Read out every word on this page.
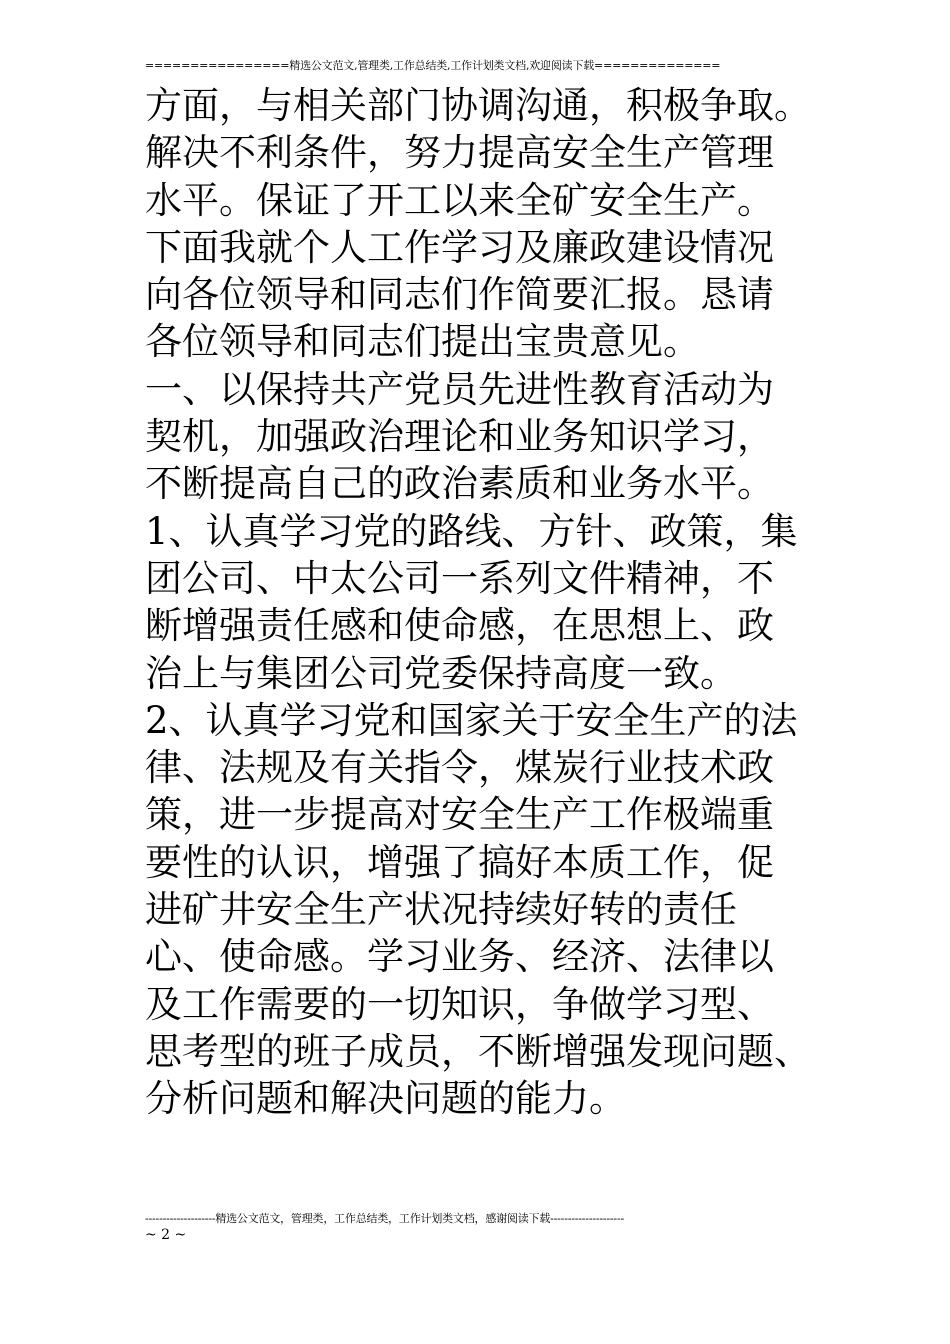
================精选公文范文,管理类,工作总结类,工作计划类文档,欢迎阅读下载==============
方面，与相关部门协调沟通，积极争取。
解决不利条件，努力提高安全生产管理
水平。保证了开工以来全矿安全生产。
下面我就个人工作学习及廉政建设情况
向各位领导和同志们作简要汇报。恳请
各位领导和同志们提出宝贵意见。
一、以保持共产党员先进性教育活动为
契机，加强政治理论和业务知识学习，
不断提高自己的政治素质和业务水平。
1、认真学习党的路线、方针、政策，集
团公司、中太公司一系列文件精神，不
断增强责任感和使命感，在思想上、政
治上与集团公司党委保持高度一致。
2、认真学习党和国家关于安全生产的法
律、法规及有关指令，煤炭行业技术政
策，进一步提高对安全生产工作极端重
要性的认识，增强了搞好本质工作，促
进矿井安全生产状况持续好转的责任
心、使命感。学习业务、经济、法律以
及工作需要的一切知识，争做学习型、
思考型的班子成员，不断增强发现问题、
分析问题和解决问题的能力。
--------------------精选公文范文，管理类，工作总结类，工作计划类文档，感谢阅读下载---------------------
~ 2 ~
